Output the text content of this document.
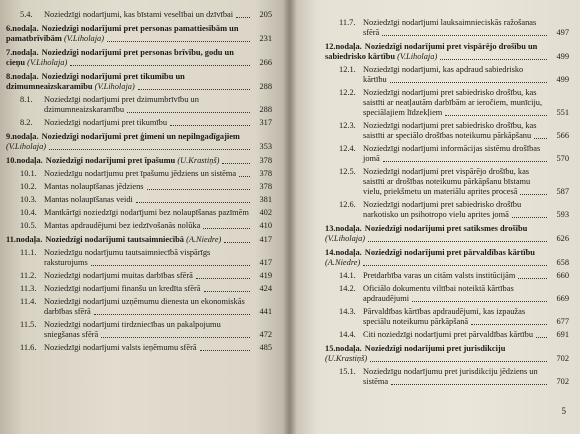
5.4.	Noziedzīgi nodarījumi, kas bīstami veselībai un dzīvībai	205
6.nodaļa. Noziedzīgi nodarījumi pret personas pamattiesībām un pamatbrīvībām (V.Liholaja)	231
7.nodaļa. Noziedzīgi nodarījumi pret personas brīvību, godu un cieņu (V.Liholaja)	266
8.nodaļa. Noziedzīgi nodarījumi pret tikumību un dzimumneaizskaramību (V.Liholaja)	288
8.1.	Noziedzīgi nodarījumi pret dzimumbrīvību un dzimumneaizskaramību	288
8.2.	Noziedzīgi nodarījumi pret tikumību	317
9.nodaļa. Noziedzīgi nodarījumi pret ģimeni un nepilngadīgajiem (V.Liholaja)	353
10.nodaļa. Noziedzīgi nodarījumi pret īpašumu (U.Krastiņš)	378
10.1. Noziedzīgu nodarījumu pret īpašumu jēdziens un sistēma	378
10.2. Mantas nolaupīšanas jēdziens	378
10.3. Mantas nolaupīšanas veidi	381
10.4. Mantkārīgi noziedzīgi nodarījumi bez nolaupīšanas pazīmēm	402
10.5. Mantas apdraudējumi bez iedzīvošanās nolūka	410
11.nodaļa. Noziedzīgi nodarījumi tautsaimniecībā (A.Niedre)	417
11.1. Noziedzīgu nodarījumu tautsaimniecībā vispārīgs raksturojums	417
11.2. Noziedzīgi nodarījumi muitas darbības sfērā	419
11.3. Noziedzīgi nodarījumi finanšu un kredīta sfērā	424
11.4. Noziedzīgi nodarījumi uzņēmumu dienesta un ekonomiskās darbības sfērā	441
11.5. Noziedzīgi nodarījumi tirdzniecības un pakalpojumu sniegšanas sfērā	472
11.6. Noziedzīgi nodarījumi valsts ieņēmumu sfērā	485
11.7. Noziedzīgi nodarījumi lauksaimnieciskās ražošanas sfērā	497
12.nodaļa. Noziedzīgi nodarījumi pret vispārējo drošību un sabiedrisko kārtību (V.Liholaja)	499
12.1. Noziedzīgi nodarījumi, kas apdraud sabiedrisko kārtību	499
12.2. Noziedzīgi nodarījumi pret sabiedrisko drošību, kas saistīti ar neatļautām darbībām ar ieročiem, munīciju, speciālajiem līdzekļiem	551
12.3. Noziedzīgi nodarījumi pret sabiedrisko drošību, kas saistīti ar speciālo drošības noteikumu pārkāpšanu	566
12.4. Noziedzīgi nodarījumi informācijas sistēmu drošības jomā	570
12.5. Noziedzīgi nodarījumi pret vispārējo drošību, kas saistīti ar drošības noteikumu pārkāpšanu bīstamu vielu, priekšmetu un materiālu aprites procesā	587
12.6. Noziedzīgi nodarījumi pret sabiedrisko drošību narkotisko un psihotropo vielu aprites jomā	593
13.nodaļa. Noziedzīgi nodarījumi pret satiksmes drošību (V.Liholaja)	626
14.nodaļa. Noziedzīgi nodarījumi pret pārvaldības kārtību (A.Niedre)	658
14.1. Pretdarbība varas un citām valsts institūcijām	660
14.2. Oficiālo dokumentu viltībai noteiktā kārtības apdraudējumi	669
14.3. Pārvaldības kārtības apdraudējumi, kas izpaužas speciālu noteikumu pārkāpšanā	677
14.4. Citi noziedzīgi nodarījumi pret pārvaldības kārtību	691
15.nodaļa. Noziedzīgi nodarījumi pret jurisdikciju (U.Krastiņš)	702
15.1. Noziedzīgu nodarījumu pret jurisdikciju jēdziens un sistēma	702
5
